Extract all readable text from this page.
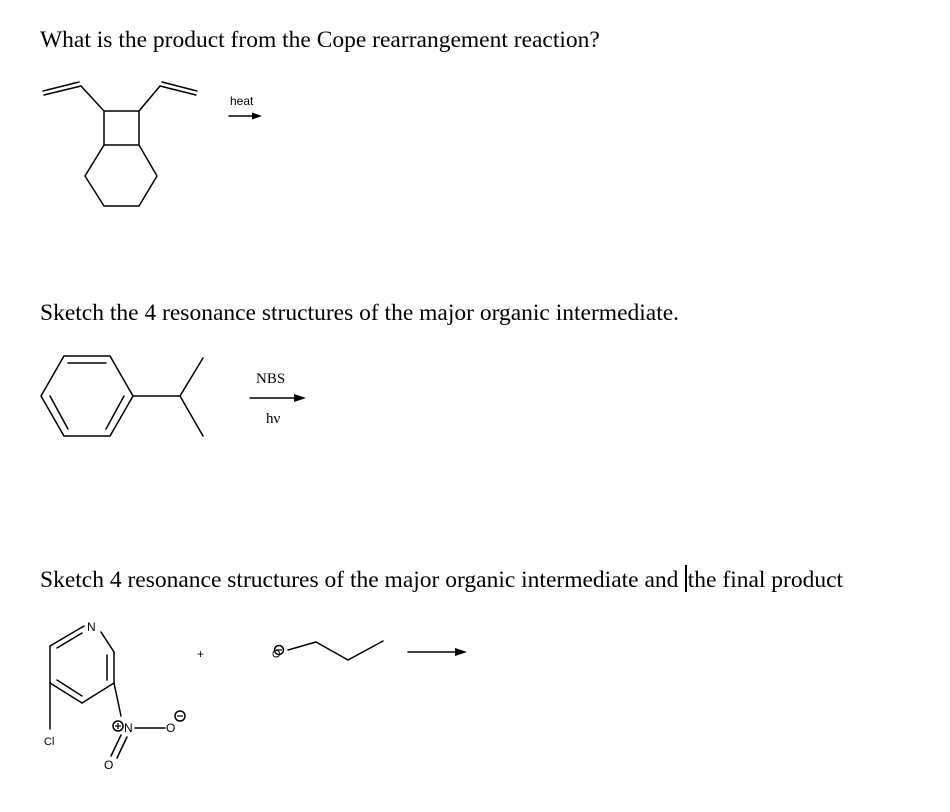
What is the product from the Cope rearrangement reaction?
Sketch the 4 resonance structures of the major organic intermediate.
Sketch 4 resonance structures of the major organic intermediate and the final product
heat
NBS
hν
N
Cl
N	O
O
+	O
